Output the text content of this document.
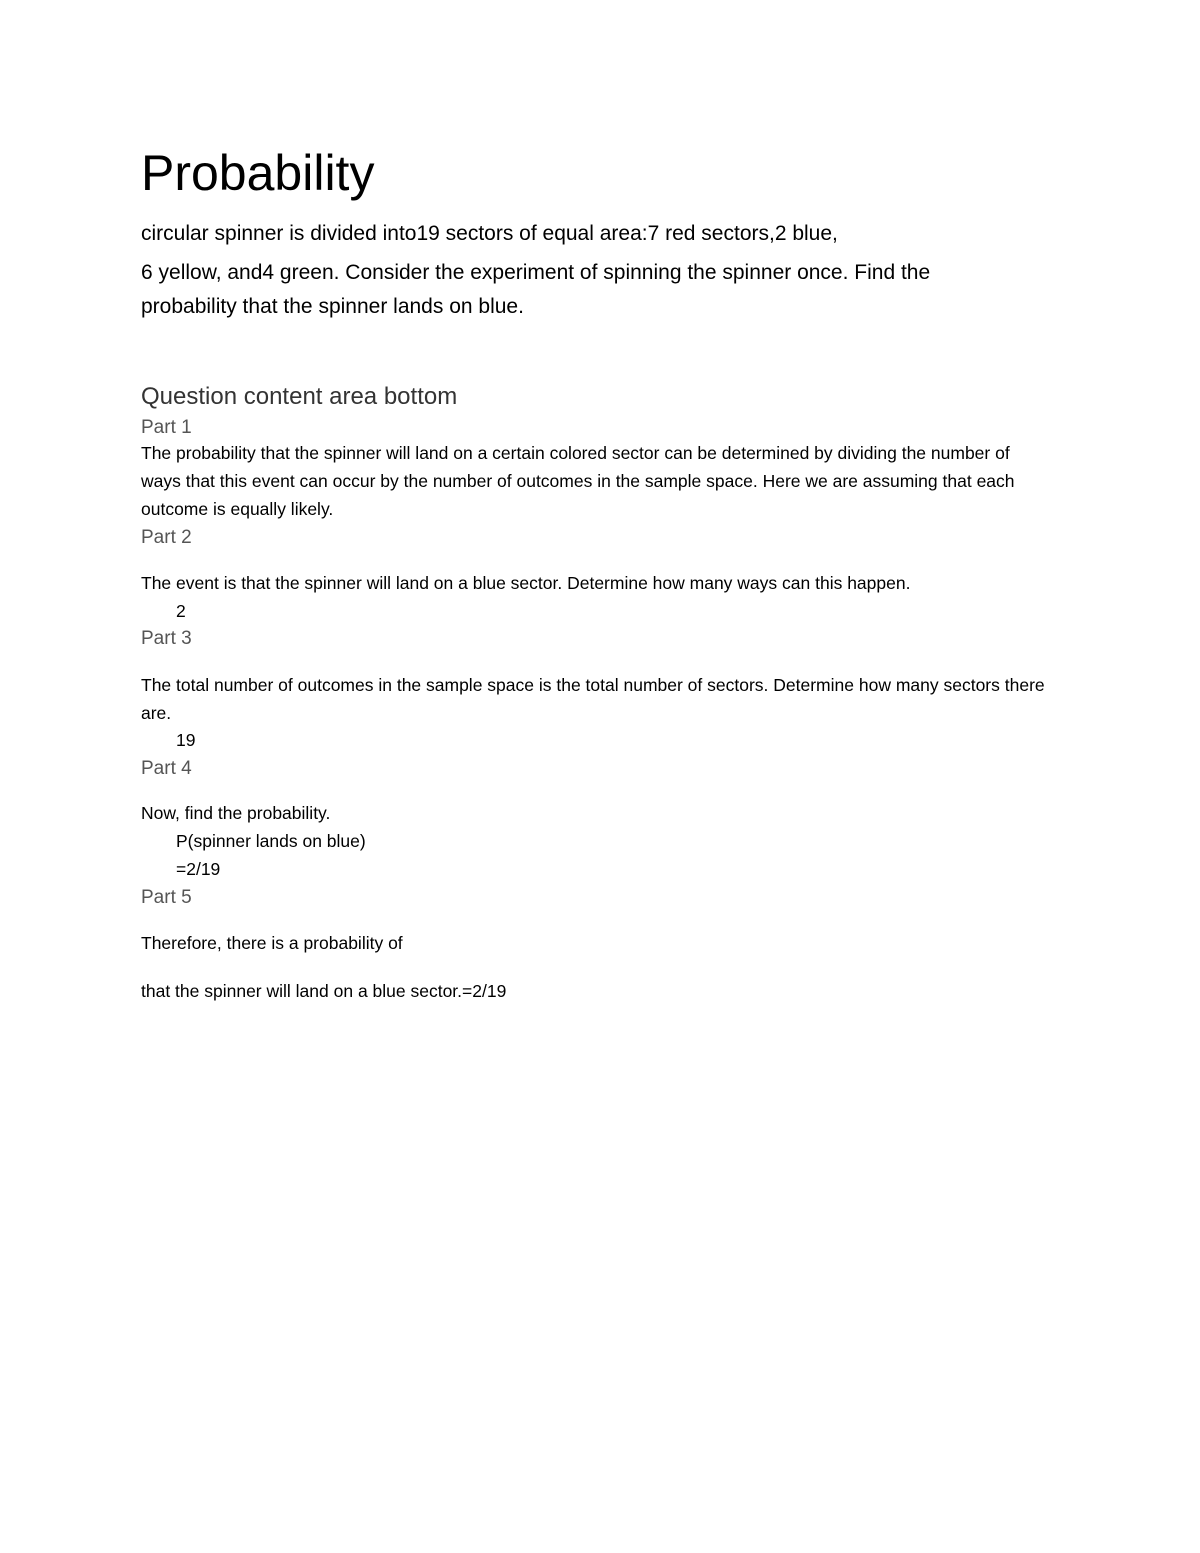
Probability
circular spinner is divided into19 sectors of equal area:7 red sectors,2 blue,
6 yellow, and4 green. Consider the experiment of spinning the spinner once. Find the
probability that the spinner lands on blue.
Question content area bottom
Part 1
The probability that the spinner will land on a certain colored sector can be determined by dividing the number of ways that this event can occur by the number of outcomes in the sample space. Here we are assuming that each outcome is equally likely.
Part 2
The event is that the spinner will land on a blue sector. Determine how many ways can this happen.
2
Part 3
The total number of outcomes in the sample space is the total number of sectors. Determine how many sectors there are.
19
Part 4
Now, find the probability.
P(spinner lands on blue)
=2/19
Part 5
Therefore, there is a probability of
that the spinner will land on a blue sector.=2/19
